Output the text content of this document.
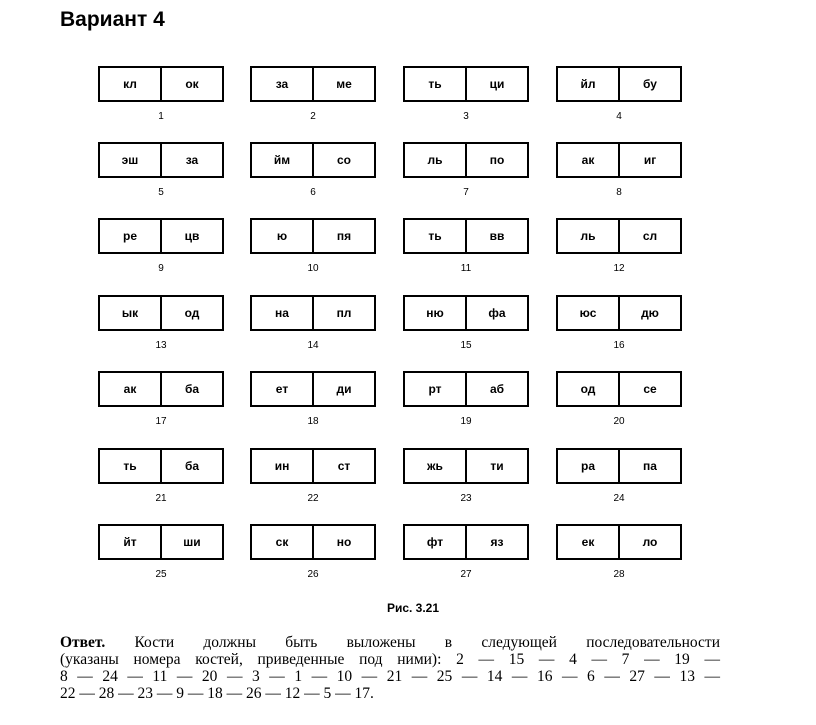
Вариант 4
кл	ок
1
за	ме
2
ть	ци
3
йл	бу
4
эш	за
5
йм	со
6
ль	по
7
ак	иг
8
ре	цв
9
ю	пя
10
ть	вв
11
ль	сл
12
ык	од
13
на	пл
14
ню	фа
15
юс	дю
16
ак	ба
17
ет	ди
18
рт	аб
19
од	се
20
ть	ба
21
ин	ст
22
жь	ти
23
ра	па
24
йт	ши
25
ск	но
26
фт	яз
27
ек	ло
28
Рис. 3.21

Ответ. Кости должны быть выложены в следующей последовательности

(указаны номера костей, приведенные под ними): 2 — 15 — 4 — 7 — 19 —

8 — 24 — 11 — 20 — 3 — 1 — 10 — 21 — 25 — 14 — 16 — 6 — 27 — 13 —

22 — 28 — 23 — 9 — 18 — 26 — 12 — 5 — 17.
